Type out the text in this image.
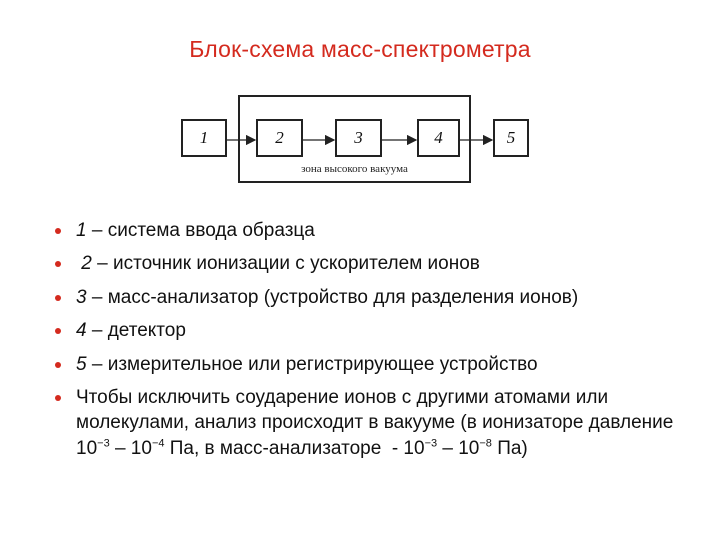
Блок-схема масс-спектрометра
зона высокого вакуума
1	2	3	4	5
1 – система ввода образца
2 – источник ионизации с ускорителем ионов
3 – масс-анализатор (устройство для разделения ионов)
4 – детектор
5 – измерительное или регистрирующее устройство
Чтобы исключить соударение ионов с другими атомами или молекулами, анализ происходит в вакууме (в ионизаторе давление $10^{-3} - 10^{-4}$ Па, в масс-анализаторе  - $10^{-3} - 10^{-8}$ Па)
